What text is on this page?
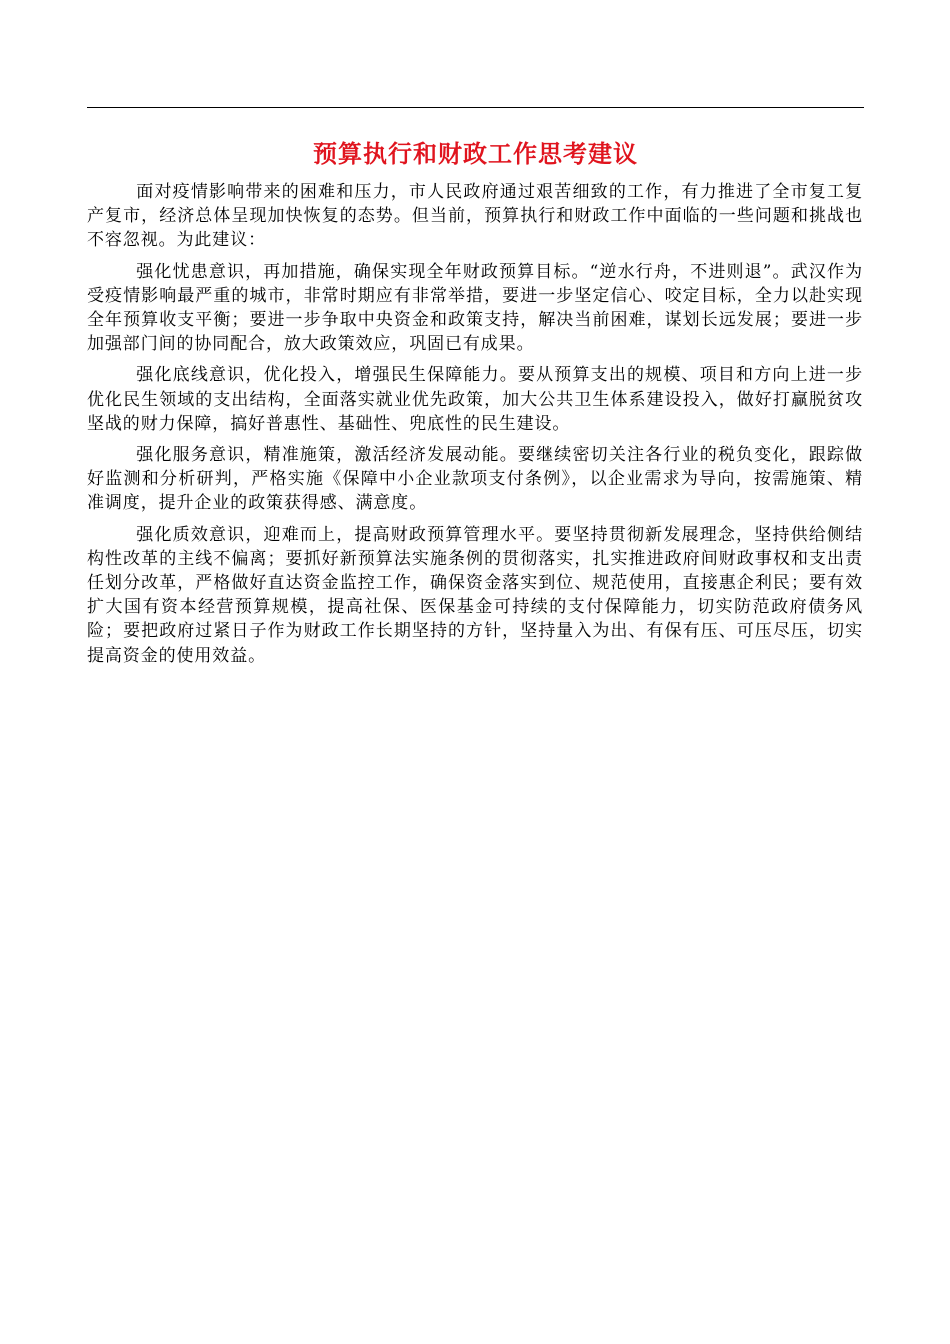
预算执行和财政工作思考建议

面对疫情影响带来的困难和压力，市人民政府通过艰苦细致的工作，有力推进了全市复工复产复市，经济总体呈现加快恢复的态势。但当前，预算执行和财政工作中面临的一些问题和挑战也不容忽视。为此建议：

强化忧患意识，再加措施，确保实现全年财政预算目标。“逆水行舟，不进则退”。武汉作为受疫情影响最严重的城市，非常时期应有非常举措，要进一步坚定信心、咬定目标，全力以赴实现全年预算收支平衡；要进一步争取中央资金和政策支持，解决当前困难，谋划长远发展；要进一步加强部门间的协同配合，放大政策效应，巩固已有成果。

强化底线意识，优化投入，增强民生保障能力。要从预算支出的规模、项目和方向上进一步优化民生领域的支出结构，全面落实就业优先政策，加大公共卫生体系建设投入，做好打赢脱贫攻坚战的财力保障，搞好普惠性、基础性、兜底性的民生建设。

强化服务意识，精准施策，激活经济发展动能。要继续密切关注各行业的税负变化，跟踪做好监测和分析研判，严格实施《保障中小企业款项支付条例》，以企业需求为导向，按需施策、精准调度，提升企业的政策获得感、满意度。

强化质效意识，迎难而上，提高财政预算管理水平。要坚持贯彻新发展理念，坚持供给侧结构性改革的主线不偏离；要抓好新预算法实施条例的贯彻落实，扎实推进政府间财政事权和支出责任划分改革，严格做好直达资金监控工作，确保资金落实到位、规范使用，直接惠企利民；要有效扩大国有资本经营预算规模，提高社保、医保基金可持续的支付保障能力，切实防范政府债务风险；要把政府过紧日子作为财政工作长期坚持的方针，坚持量入为出、有保有压、可压尽压，切实提高资金的使用效益。
